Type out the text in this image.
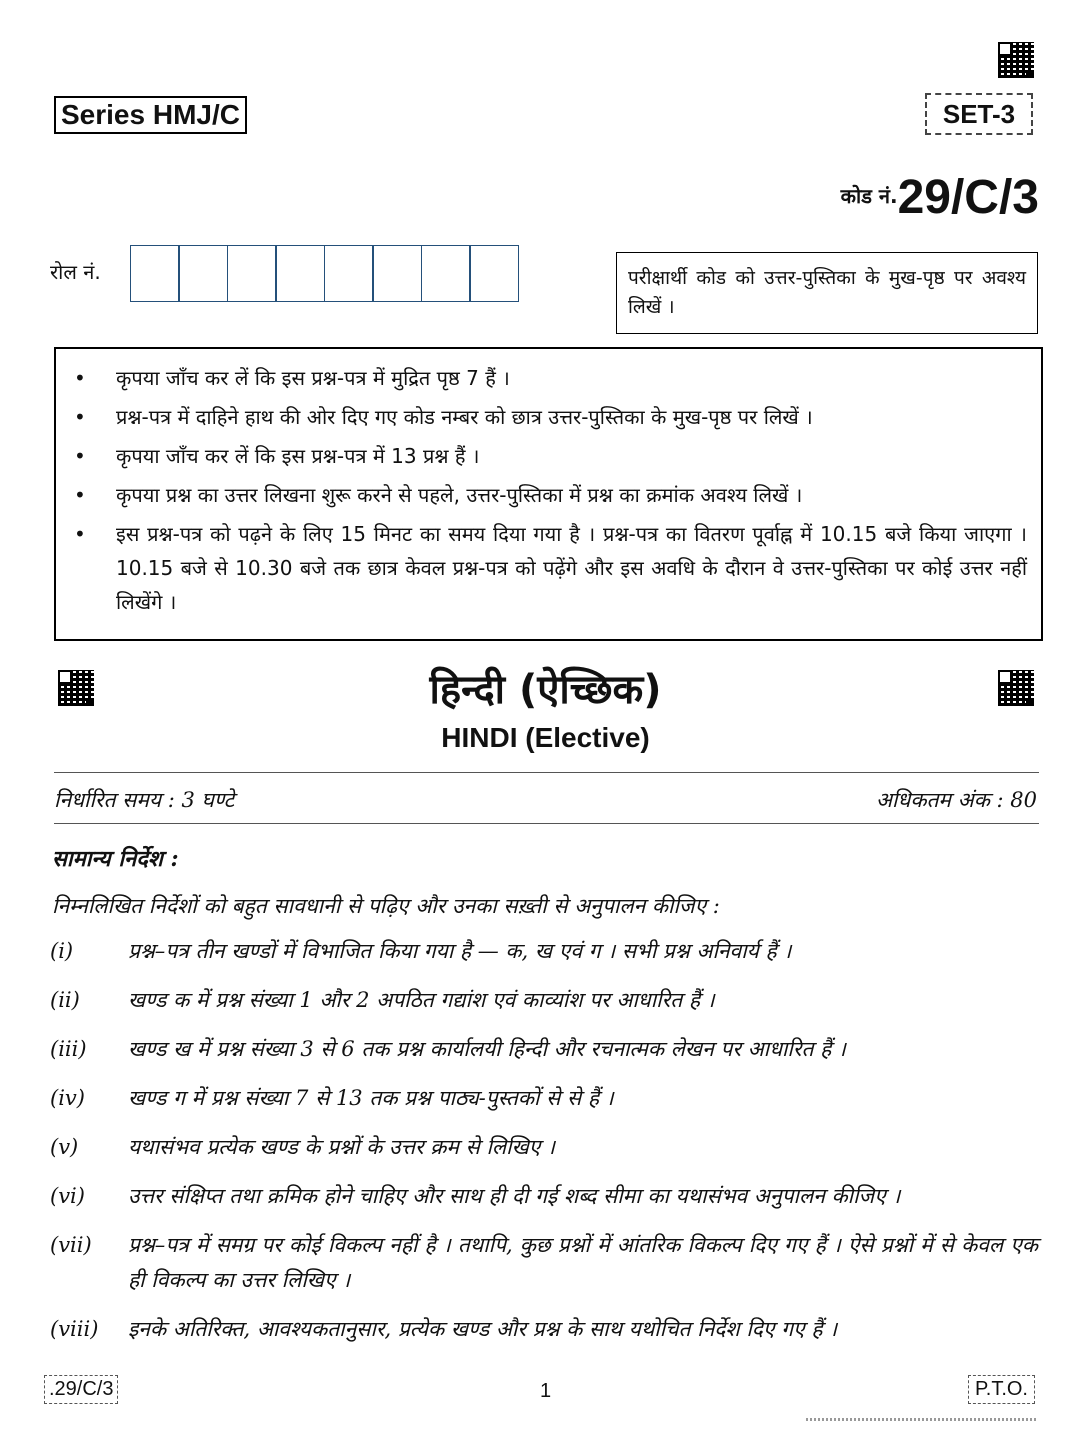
Series HMJ/C	SET-3
कोड नं.29/C/3
रोल नं.	परीक्षार्थी कोड को उत्तर-पुस्तिका के मुख-पृष्ठ पर अवश्य लिखें ।
• कृपया जाँच कर लें कि इस प्रश्न-पत्र में मुद्रित पृष्ठ 7 हैं ।
• प्रश्न-पत्र में दाहिने हाथ की ओर दिए गए कोड नम्बर को छात्र उत्तर-पुस्तिका के मुख-पृष्ठ पर लिखें ।
• कृपया जाँच कर लें कि इस प्रश्न-पत्र में 13 प्रश्न हैं ।
• कृपया प्रश्न का उत्तर लिखना शुरू करने से पहले, उत्तर-पुस्तिका में प्रश्न का क्रमांक अवश्य लिखें ।
• इस प्रश्न-पत्र को पढ़ने के लिए 15 मिनट का समय दिया गया है । प्रश्न-पत्र का वितरण पूर्वाह्न में 10.15 बजे किया जाएगा । 10.15 बजे से 10.30 बजे तक छात्र केवल प्रश्न-पत्र को पढ़ेंगे और इस अवधि के दौरान वे उत्तर-पुस्तिका पर कोई उत्तर नहीं लिखेंगे ।
हिन्दी (ऐच्छिक)
HINDI (Elective)
निर्धारित समय : 3 घण्टे	अधिकतम अंक : 80
सामान्य निर्देश :
निम्नलिखित निर्देशों को बहुत सावधानी से पढ़िए और उनका सख़्ती से अनुपालन कीजिए :
(i)	प्रश्न–पत्र तीन खण्डों में विभाजित किया गया है — क, ख एवं ग । सभी प्रश्न अनिवार्य हैं ।
(ii)	खण्ड क में प्रश्न संख्या 1 और 2 अपठित गद्यांश एवं काव्यांश पर आधारित हैं ।
(iii)	खण्ड ख में प्रश्न संख्या 3 से 6 तक प्रश्न कार्यालयी हिन्दी और रचनात्मक लेखन पर आधारित हैं ।
(iv)	खण्ड ग में प्रश्न संख्या 7 से 13 तक प्रश्न पाठ्य-पुस्तकों से से हैं ।
(v)	यथासंभव प्रत्येक खण्ड के प्रश्नों के उत्तर क्रम से लिखिए ।
(vi)	उत्तर संक्षिप्त तथा क्रमिक होने चाहिए और साथ ही दी गई शब्द सीमा का यथासंभव अनुपालन कीजिए ।
(vii)	प्रश्न–पत्र में समग्र पर कोई विकल्प नहीं है । तथापि, कुछ प्रश्नों में आंतरिक विकल्प दिए गए हैं । ऐसे प्रश्नों में से केवल एक ही विकल्प का उत्तर लिखिए ।
(viii)	इनके अतिरिक्त, आवश्यकतानुसार, प्रत्येक खण्ड और प्रश्न के साथ यथोचित निर्देश दिए गए हैं ।
.29/C/3	1	P.T.O.
